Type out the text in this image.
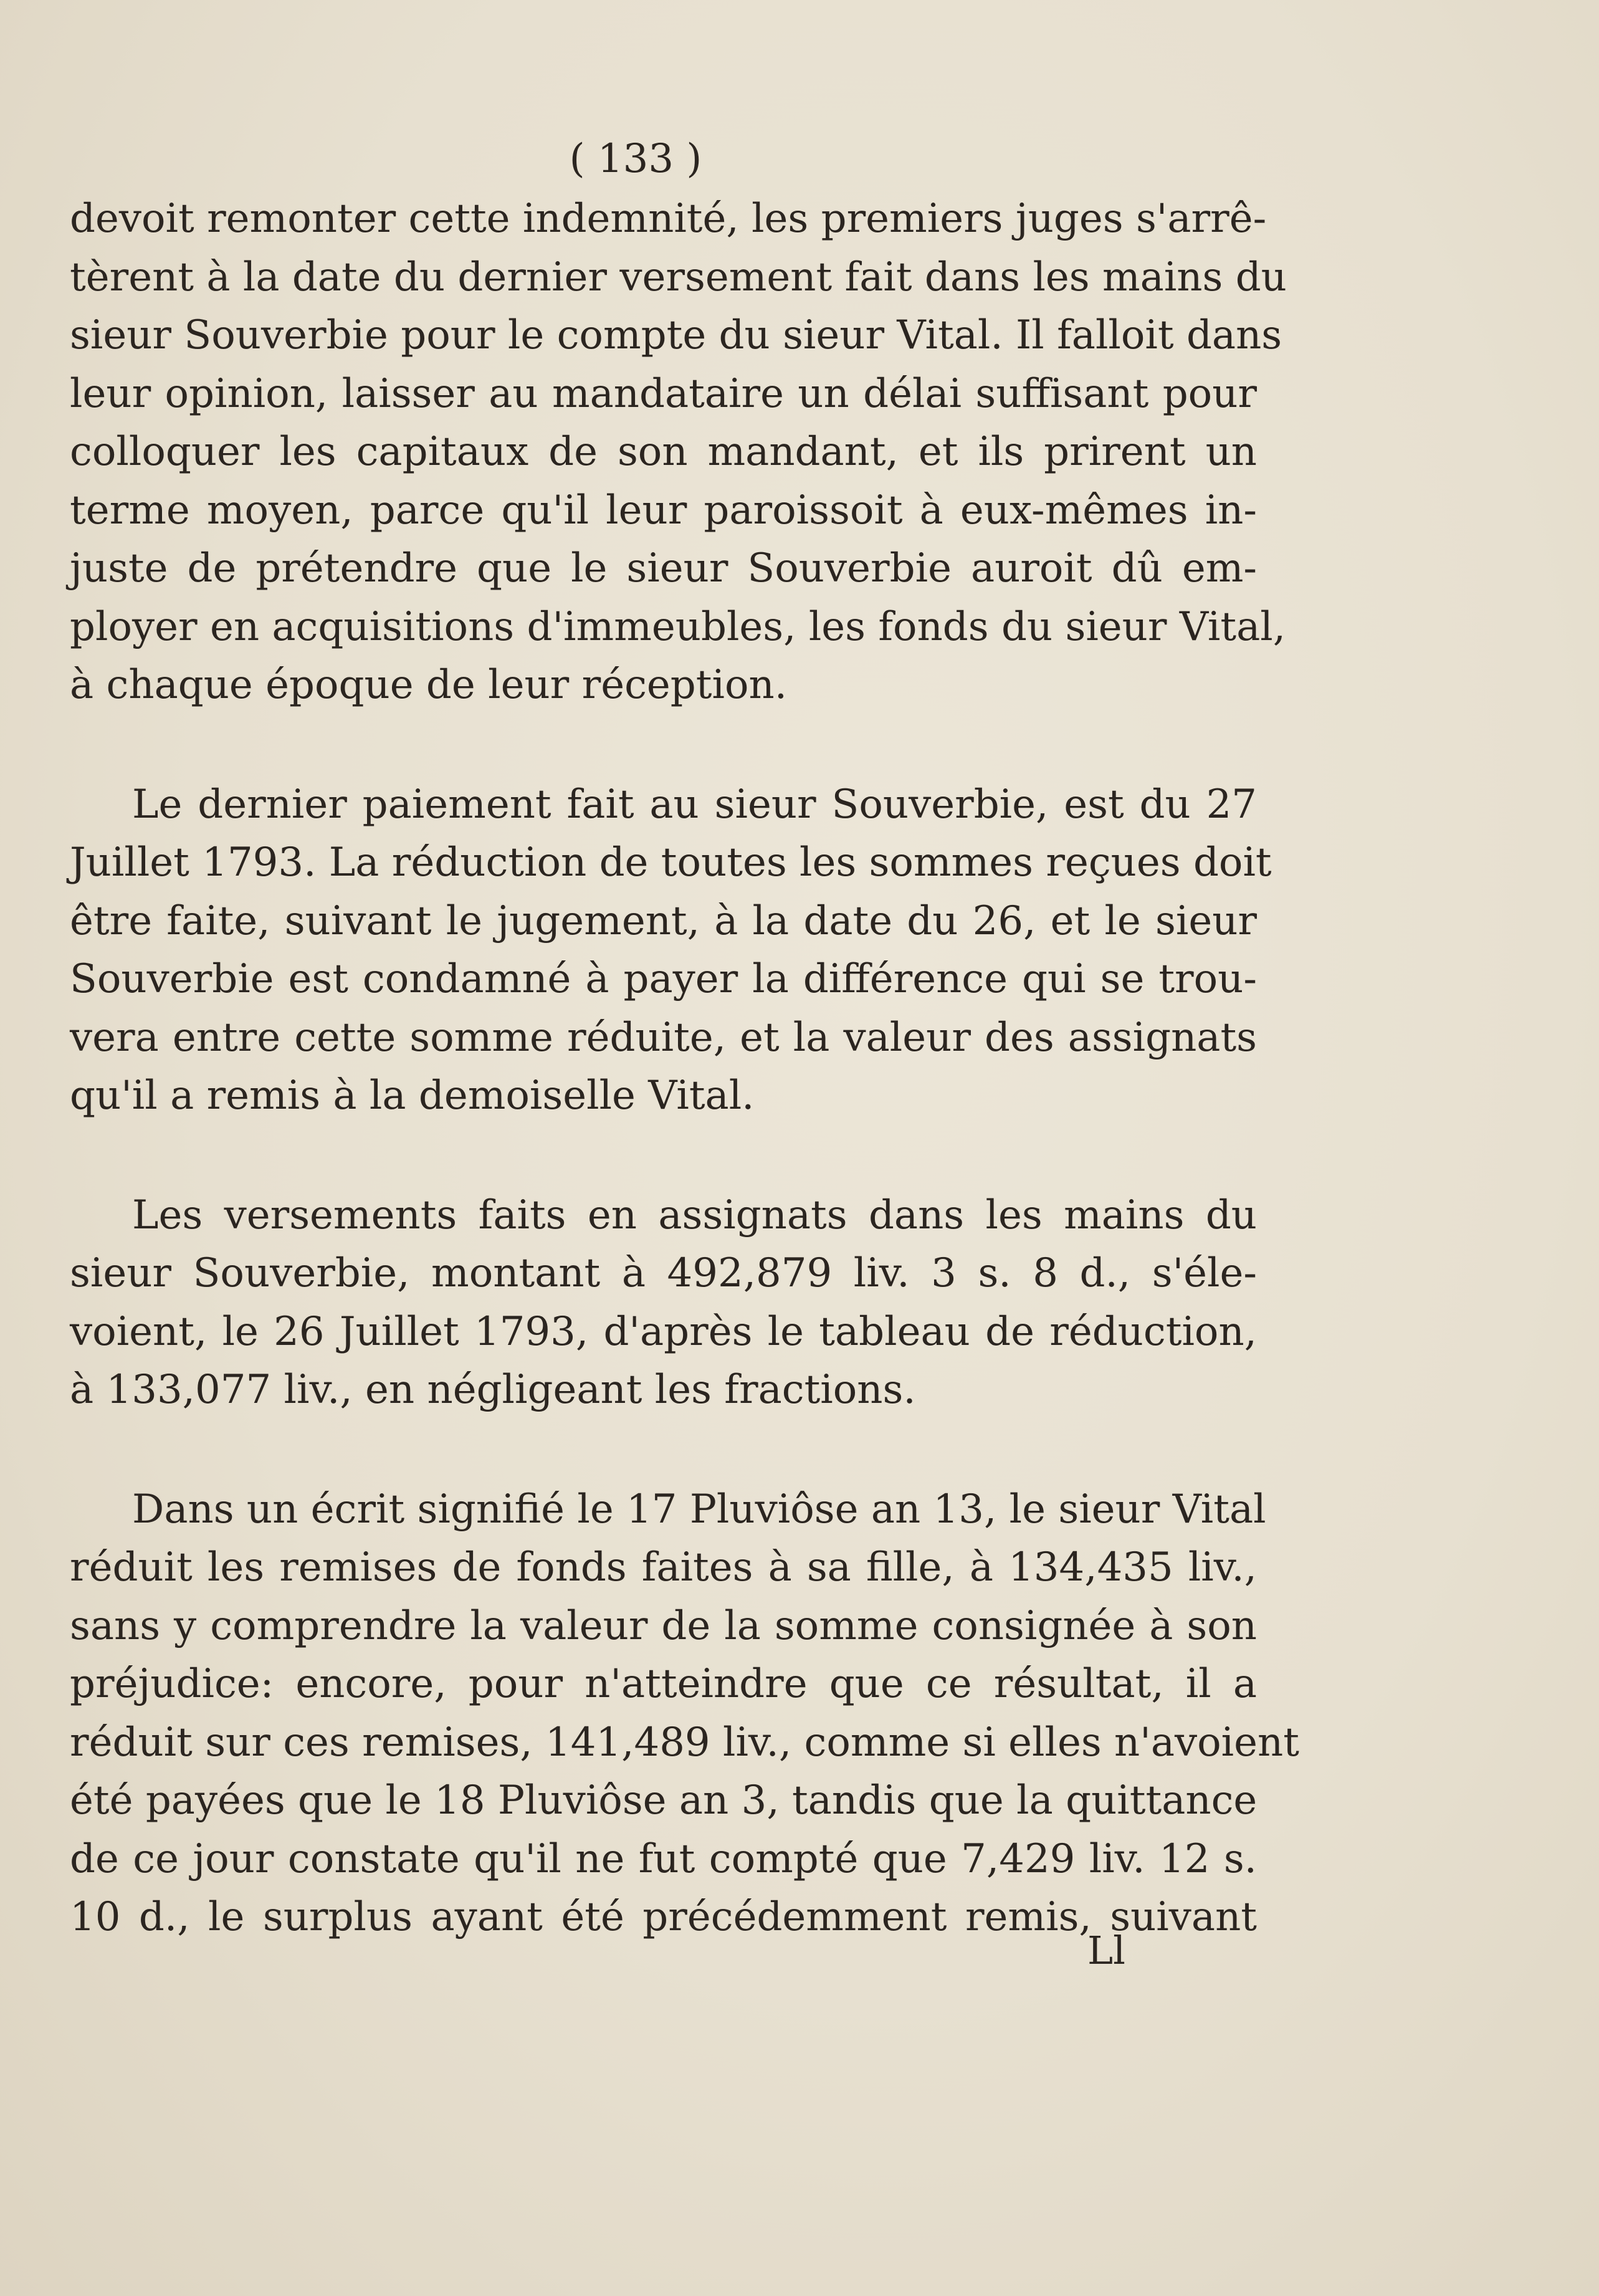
( 133 )
devoit remonter cette indemnité, les premiers juges s'arrê-
tèrent à la date du dernier versement fait dans les mains du
sieur Souverbie pour le compte du sieur Vital. Il falloit dans
leur opinion, laisser au mandataire un délai suffisant pour
colloquer les capitaux de son mandant, et ils prirent un
terme moyen, parce qu'il leur paroissoit à eux-mêmes in-
juste de prétendre que le sieur Souverbie auroit dû em-
ployer en acquisitions d'immeubles, les fonds du sieur Vital,
à chaque époque de leur réception.
Le dernier paiement fait au sieur Souverbie, est du 27
Juillet 1793. La réduction de toutes les sommes reçues doit
être faite, suivant le jugement, à la date du 26, et le sieur
Souverbie est condamné à payer la différence qui se trou-
vera entre cette somme réduite, et la valeur des assignats
qu'il a remis à la demoiselle Vital.
Les versements faits en assignats dans les mains du
sieur Souverbie, montant à 492,879 liv. 3 s. 8 d., s'éle-
voient, le 26 Juillet 1793, d'après le tableau de réduction,
à 133,077 liv., en négligeant les fractions.
Dans un écrit signifié le 17 Pluviôse an 13, le sieur Vital
réduit les remises de fonds faites à sa fille, à 134,435 liv.,
sans y comprendre la valeur de la somme consignée à son
préjudice: encore, pour n'atteindre que ce résultat, il a
réduit sur ces remises, 141,489 liv., comme si elles n'avoient
été payées que le 18 Pluviôse an 3, tandis que la quittance
de ce jour constate qu'il ne fut compté que 7,429 liv. 12 s.
10 d., le surplus ayant été précédemment remis, suivant
Ll
